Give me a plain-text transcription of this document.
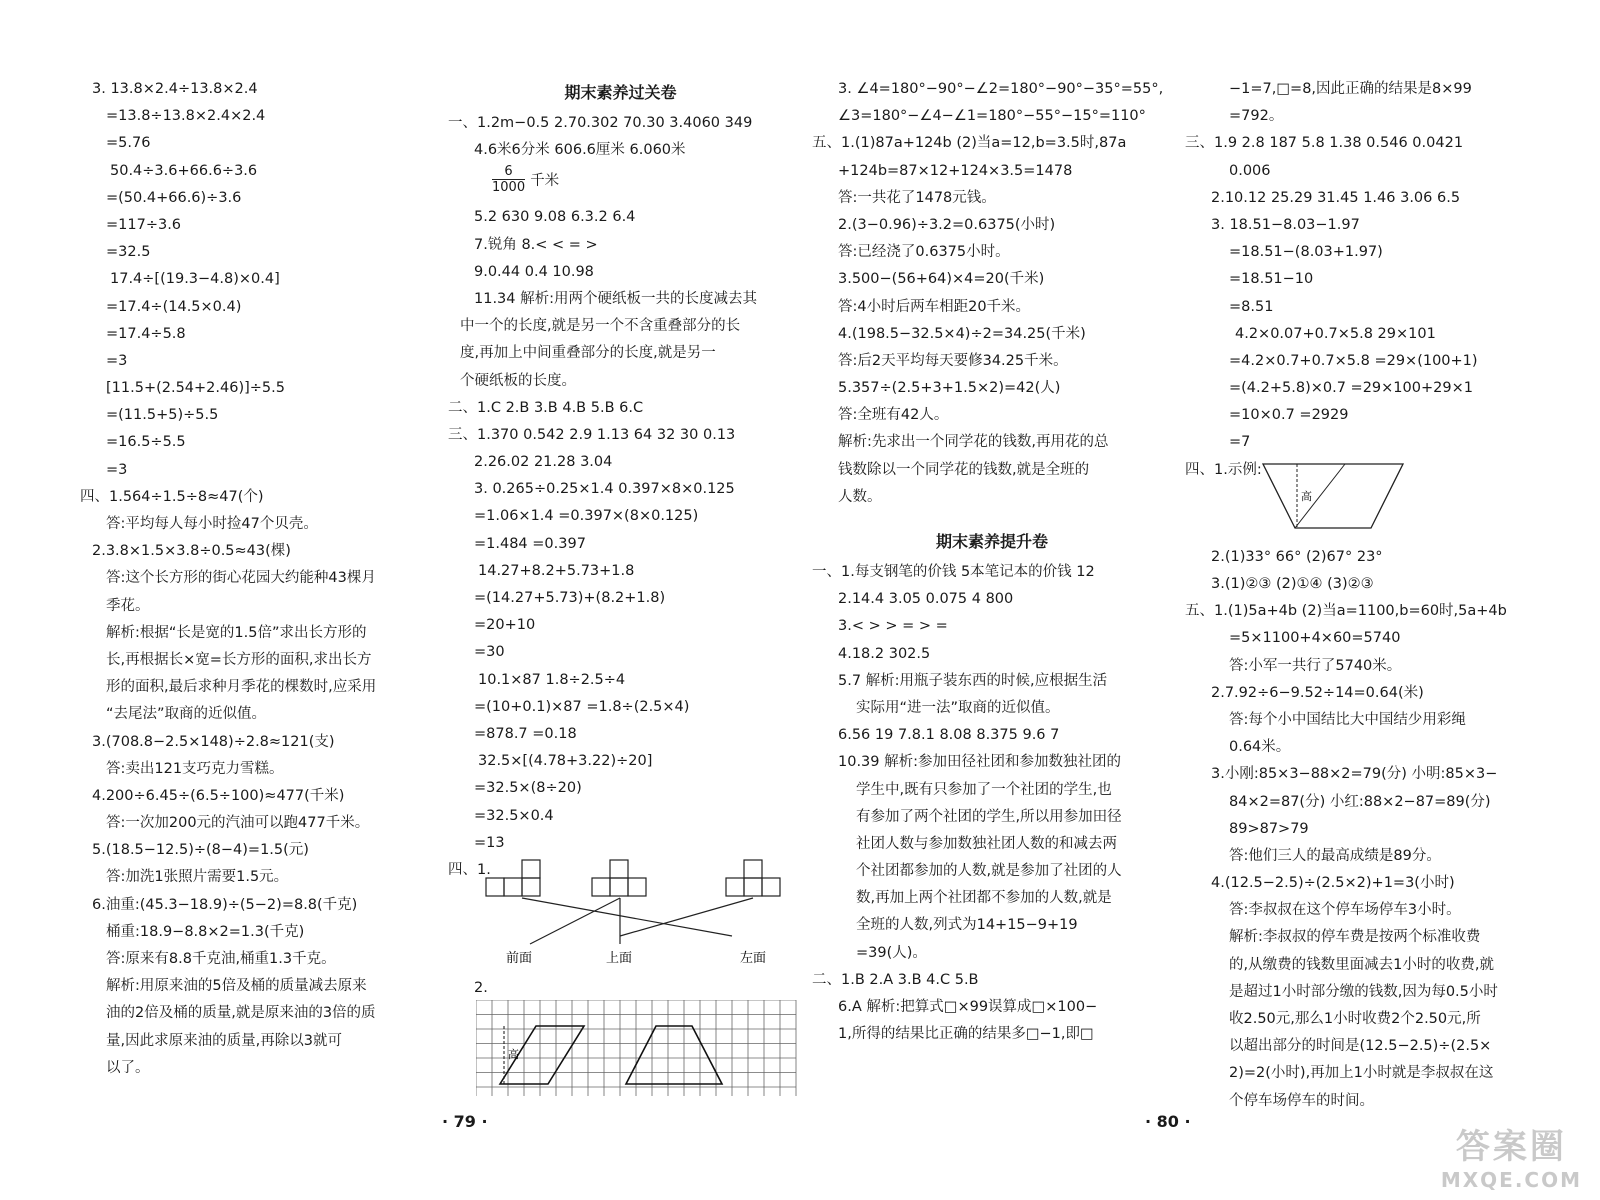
3. 13.8×2.4÷13.8×2.4
=13.8÷13.8×2.4×2.4
=5.76
50.4÷3.6+66.6÷3.6
=(50.4+66.6)÷3.6
=117÷3.6
=32.5
17.4÷[(19.3−4.8)×0.4]
=17.4÷(14.5×0.4)
=17.4÷5.8
=3
[11.5+(2.54+2.46)]÷5.5
=(11.5+5)÷5.5
=16.5÷5.5
=3
四、1.564÷1.5÷8≈47(个)
答:平均每人每小时捡47个贝壳。
2.3.8×1.5×3.8÷0.5≈43(棵)
答:这个长方形的街心花园大约能种43棵月
季花。
解析:根据“长是宽的1.5倍”求出长方形的
长,再根据长×宽=长方形的面积,求出长方
形的面积,最后求种月季花的棵数时,应采用
“去尾法”取商的近似值。
3.(708.8−2.5×148)÷2.8≈121(支)
答:卖出121支巧克力雪糕。
4.200÷6.45÷(6.5÷100)≈477(千米)
答:一次加200元的汽油可以跑477千米。
5.(18.5−12.5)÷(8−4)=1.5(元)
答:加洗1张照片需要1.5元。
6.油重:(45.3−18.9)÷(5−2)=8.8(千克)
桶重:18.9−8.8×2=1.3(千克)
答:原来有8.8千克油,桶重1.3千克。
解析:用原来油的5倍及桶的质量减去原来
油的2倍及桶的质量,就是原来油的3倍的质
量,因此求原来油的质量,再除以3就可
以了。
期末素养过关卷
一、1.2m−0.5 2.70.302 70.30 3.4060 349
4.6米6分米 606.6厘米 6.060米
$\frac{6}{1000}$ 千米
5.2 630 9.08 6.3.2 6.4
7.锐角 8.< < = >
9.0.44 0.4 10.98
11.34 解析:用两个硬纸板一共的长度减去其
中一个的长度,就是另一个不含重叠部分的长
度,再加上中间重叠部分的长度,就是另一
个硬纸板的长度。
二、1.C 2.B 3.B 4.B 5.B 6.C
三、1.370 0.542 2.9 1.13 64 32 30 0.13
2.26.02 21.28 3.04
3. 0.265÷0.25×1.4 0.397×8×0.125
=1.06×1.4 =0.397×(8×0.125)
=1.484 =0.397
14.27+8.2+5.73+1.8
=(14.27+5.73)+(8.2+1.8)
=20+10
=30
10.1×87 1.8÷2.5÷4
=(10+0.1)×87 =1.8÷(2.5×4)
=878.7 =0.18
32.5×[(4.78+3.22)÷20]
=32.5×(8÷20)
=32.5×0.4
=13
四、1.
前面	上面	左面
2.
高
3. ∠4=180°−90°−∠2=180°−90°−35°=55°,
∠3=180°−∠4−∠1=180°−55°−15°=110°
五、1.(1)87a+124b (2)当a=12,b=3.5时,87a
+124b=87×12+124×3.5=1478
答:一共花了1478元钱。
2.(3−0.96)÷3.2=0.6375(小时)
答:已经浇了0.6375小时。
3.500−(56+64)×4=20(千米)
答:4小时后两车相距20千米。
4.(198.5−32.5×4)÷2=34.25(千米)
答:后2天平均每天要修34.25千米。
5.357÷(2.5+3+1.5×2)=42(人)
答:全班有42人。
解析:先求出一个同学花的钱数,再用花的总
钱数除以一个同学花的钱数,就是全班的
人数。
期末素养提升卷
一、1.每支钢笔的价钱 5本笔记本的价钱 12
2.14.4 3.05 0.075 4 800
3.< > > = > =
4.18.2 302.5
5.7 解析:用瓶子装东西的时候,应根据生活
实际用“进一法”取商的近似值。
6.56 19 7.8.1 8.08 8.375 9.6 7
10.39 解析:参加田径社团和参加数独社团的
学生中,既有只参加了一个社团的学生,也
有参加了两个社团的学生,所以用参加田径
社团人数与参加数独社团人数的和减去两
个社团都参加的人数,就是参加了社团的人
数,再加上两个社团都不参加的人数,就是
全班的人数,列式为14+15−9+19
=39(人)。
二、1.B 2.A 3.B 4.C 5.B
6.A 解析:把算式□×99误算成□×100−
1,所得的结果比正确的结果多□−1,即□
−1=7,□=8,因此正确的结果是8×99
=792。
三、1.9 2.8 187 5.8 1.38 0.546 0.0421
0.006
2.10.12 25.29 31.45 1.46 3.06 6.5
3. 18.51−8.03−1.97
=18.51−(8.03+1.97)
=18.51−10
=8.51
4.2×0.07+0.7×5.8 29×101
=4.2×0.7+0.7×5.8 =29×(100+1)
=(4.2+5.8)×0.7 =29×100+29×1
=10×0.7 =2929
=7
四、1.示例:
高
2.(1)33° 66° (2)67° 23°
3.(1)②③ (2)①④ (3)②③
五、1.(1)5a+4b (2)当a=1100,b=60时,5a+4b
=5×1100+4×60=5740
答:小军一共行了5740米。
2.7.92÷6−9.52÷14=0.64(米)
答:每个小中国结比大中国结少用彩绳
0.64米。
3.小刚:85×3−88×2=79(分) 小明:85×3−
84×2=87(分) 小红:88×2−87=89(分)
89>87>79
答:他们三人的最高成绩是89分。
4.(12.5−2.5)÷(2.5×2)+1=3(小时)
答:李叔叔在这个停车场停车3小时。
解析:李叔叔的停车费是按两个标准收费
的,从缴费的钱数里面减去1小时的收费,就
是超过1小时部分缴的钱数,因为每0.5小时
收2.50元,那么1小时收费2个2.50元,所
以超出部分的时间是(12.5−2.5)÷(2.5×
2)=2(小时),再加上1小时就是李叔叔在这
个停车场停车的时间。
· 79 ·	· 80 ·
答案圈
MXQE.COM
